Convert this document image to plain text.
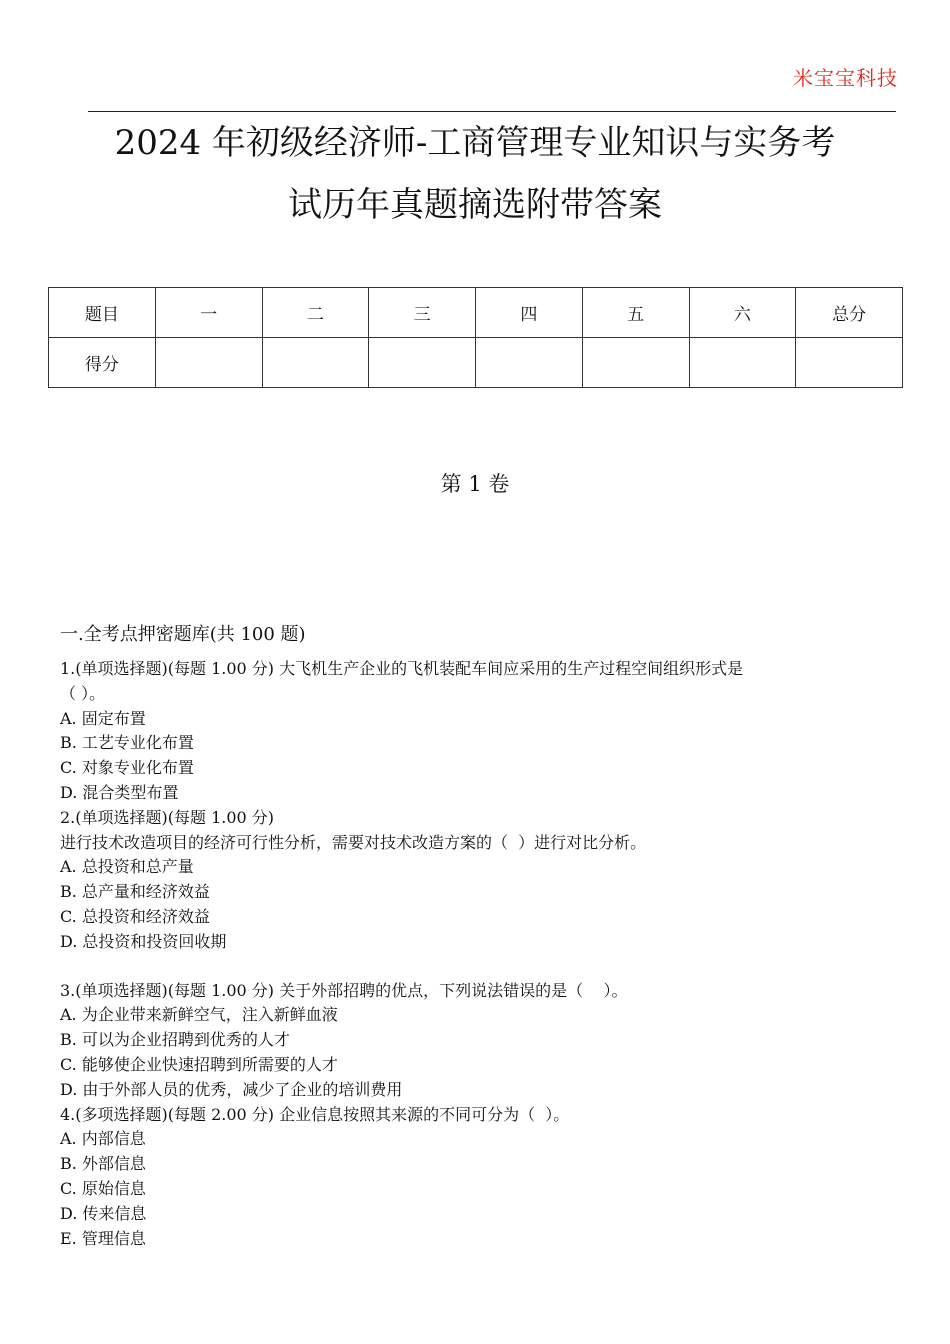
米宝宝科技
2024 年初级经济师-工商管理专业知识与实务考
试历年真题摘选附带答案
题目	一	二	三	四	五	六	总分
得分							
第 1 卷
一.全考点押密题库(共 100 题)
1.(单项选择题)(每题 1.00 分) 大飞机生产企业的飞机装配车间应采用的生产过程空间组织形式是
（ ）。
A. 固定布置
B. 工艺专业化布置
C. 对象专业化布置
D. 混合类型布置
2.(单项选择题)(每题 1.00 分)
进行技术改造项目的经济可行性分析，需要对技术改造方案的（  ）进行对比分析。
A. 总投资和总产量
B. 总产量和经济效益
C. 总投资和经济效益
D. 总投资和投资回收期
3.(单项选择题)(每题 1.00 分) 关于外部招聘的优点，下列说法错误的是（    ）。
A. 为企业带来新鲜空气，注入新鲜血液
B. 可以为企业招聘到优秀的人才
C. 能够使企业快速招聘到所需要的人才
D. 由于外部人员的优秀，减少了企业的培训费用
4.(多项选择题)(每题 2.00 分) 企业信息按照其来源的不同可分为（  ）。
A. 内部信息
B. 外部信息
C. 原始信息
D. 传来信息
E. 管理信息
